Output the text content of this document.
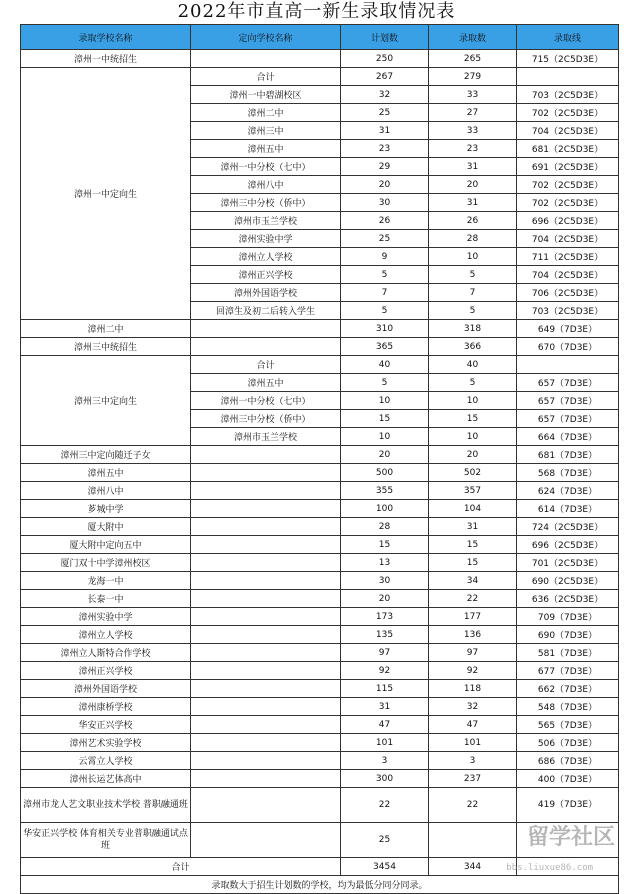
2022年市直高一新生录取情况表
录取学校名称	定向学校名称	计划数	录取数	录取线
漳州一中统招生		250	265	715（2C5D3E）
漳州一中定向生	合计	267	279	
	漳州一中碧湖校区	32	33	703（2C5D3E）
	漳州二中	25	27	702（2C5D3E）
	漳州三中	31	33	704（2C5D3E）
	漳州五中	23	23	681（2C5D3E）
	漳州一中分校（七中）	29	31	691（2C5D3E）
	漳州八中	20	20	702（2C5D3E）
	漳州三中分校（侨中）	30	31	702（2C5D3E）
	漳州市玉兰学校	26	26	696（2C5D3E）
	漳州实验中学	25	28	704（2C5D3E）
	漳州立人学校	9	10	711（2C5D3E）
	漳州正兴学校	5	5	704（2C5D3E）
	漳州外国语学校	7	7	706（2C5D3E）
	回漳生及初二后转入学生	5	5	703（2C5D3E）
漳州二中		310	318	649（7D3E）
漳州三中统招生		365	366	670（7D3E）
漳州三中定向生	合计	40	40	
	漳州五中	5	5	657（7D3E）
	漳州一中分校（七中）	10	10	657（7D3E）
	漳州三中分校（侨中）	15	15	657（7D3E）
	漳州市玉兰学校	10	10	664（7D3E）
漳州三中定向随迁子女		20	20	681（7D3E）
漳州五中		500	502	568（7D3E）
漳州八中		355	357	624（7D3E）
芗城中学		100	104	614（7D3E）
厦大附中		28	31	724（2C5D3E）
厦大附中定向五中		15	15	696（2C5D3E）
厦门双十中学漳州校区		13	15	701（2C5D3E）
龙海一中		30	34	690（2C5D3E）
长泰一中		20	22	636（2C5D3E）
漳州实验中学		173	177	709（7D3E）
漳州立人学校		135	136	690（7D3E）
漳州立人斯特合作学校		97	97	581（7D3E）
漳州正兴学校		92	92	677（7D3E）
漳州外国语学校		115	118	662（7D3E）
漳州康桥学校		31	32	548（7D3E）
华安正兴学校		47	47	565（7D3E）
漳州艺术实验学校		101	101	506（7D3E）
云霄立人学校		3	3	686（7D3E）
漳州长运艺体高中		300	237	400（7D3E）
漳州市龙人艺文职业技术学校 普职融通班		22	22	419（7D3E）
华安正兴学校 体育相关专业普职融通试点班		25		
合计		3454	344	
录取数大于招生计划数的学校，均为最低分同分同录。				
留学社区
bbs.liuxue86.com
